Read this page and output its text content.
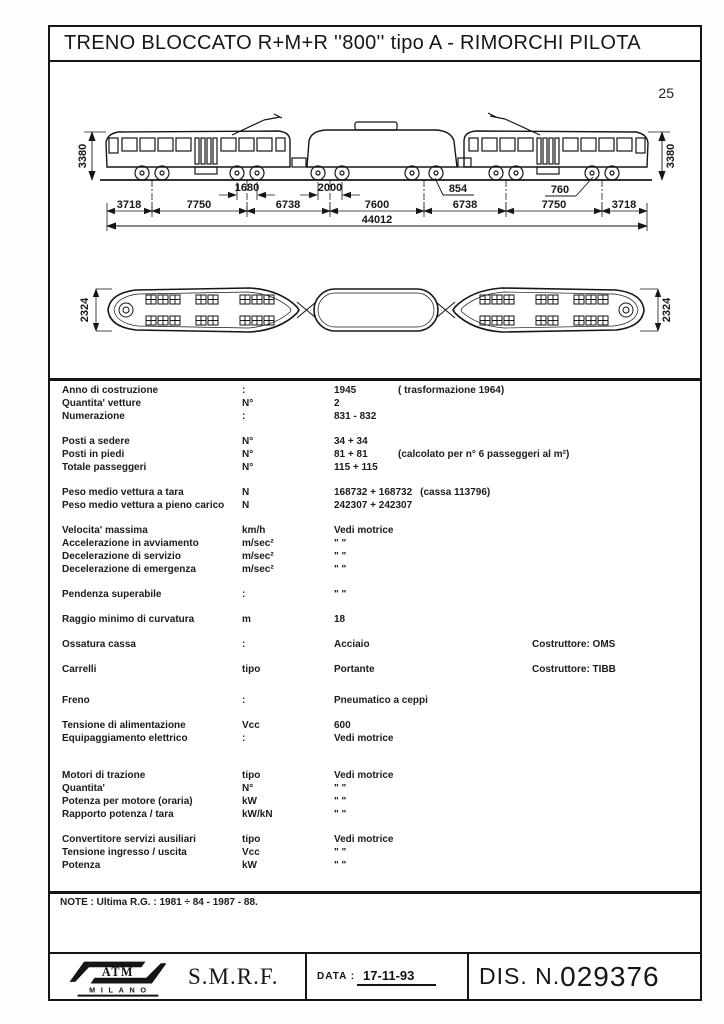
TRENO BLOCCATO R+M+R ''800'' tipo A - RIMORCHI PILOTA
25
3380	3380
1680	2000	854	760
3718	7750	6738	7600	6738	7750	3718
44012
2324	2324
Anno di costruzione	:	1945	( trasformazione 1964)
Quantita' vetture	N°	2
Numerazione	:	831 - 832
Posti a sedere	N°	34 + 34
Posti in piedi	N°	81 + 81	(calcolato per n° 6 passeggeri al m²)
Totale passeggeri	N°	115 + 115
Peso medio vettura a tara	N	168732 + 168732 (cassa 113796)
Peso medio vettura a pieno carico N	242307 + 242307
Velocita' massima	km/h	Vedi motrice
Accelerazione in avviamento	m/sec²	" "
Decelerazione di servizio	m/sec²	" "
Decelerazione di emergenza	m/sec²	" "
Pendenza superabile	:	" "
Raggio minimo di curvatura	m	18
Ossatura cassa	:	Acciaio	Costruttore: OMS
Carrelli	tipo	Portante	Costruttore: TIBB
Freno	:	Pneumatico a ceppi
Tensione di alimentazione	Vcc	600
Equipaggiamento elettrico	:	Vedi motrice
Motori di trazione	tipo	Vedi motrice
Quantita'	N°	" "
Potenza per motore (oraria)	kW	" "
Rapporto potenza / tara	kW/kN	" "
Convertitore servizi ausiliari	tipo	Vedi motrice
Tensione ingresso / uscita	Vcc	" "
Potenza	kW	" "
NOTE : Ultima R.G. : 1981 ÷ 84 - 1987 - 88.
ATM
MILANO
S.M.R.F.	DATA : 17-11-93	DIS. N. 029376
